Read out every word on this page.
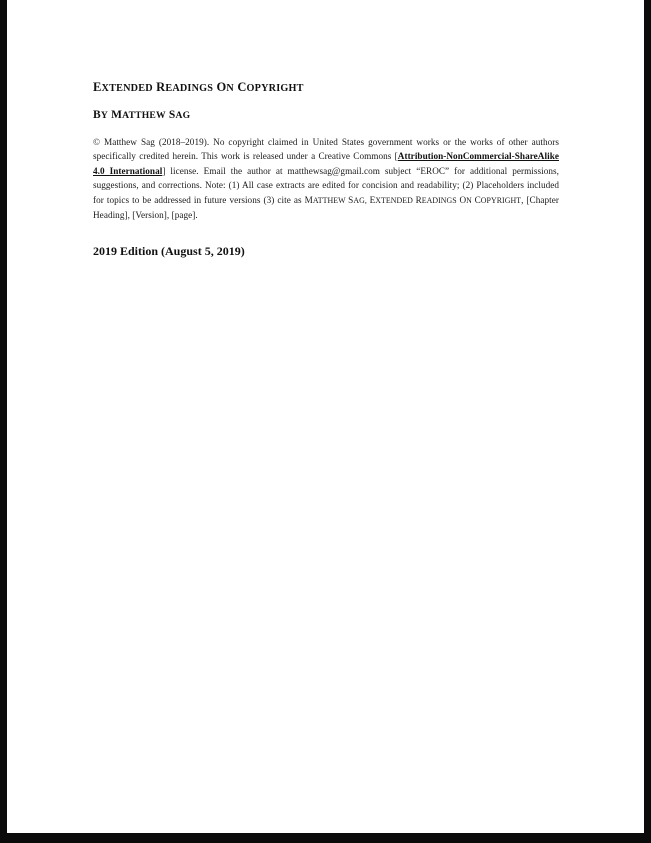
EXTENDED READINGS ON COPYRIGHT
BY MATTHEW SAG

© Matthew Sag (2018–2019). No copyright claimed in United States government works or the works of other authors specifically credited herein. This work is released under a Creative Commons [Attribution-NonCommercial-ShareAlike 4.0 International] license. Email the author at matthewsag@gmail.com subject “EROC” for additional permissions, suggestions, and corrections. Note: (1) All case extracts are edited for concision and readability; (2) Placeholders included for topics to be addressed in future versions (3) cite as MATTHEW SAG, EXTENDED READINGS ON COPYRIGHT, [Chapter Heading], [Version], [page].

2019 Edition (August 5, 2019)
